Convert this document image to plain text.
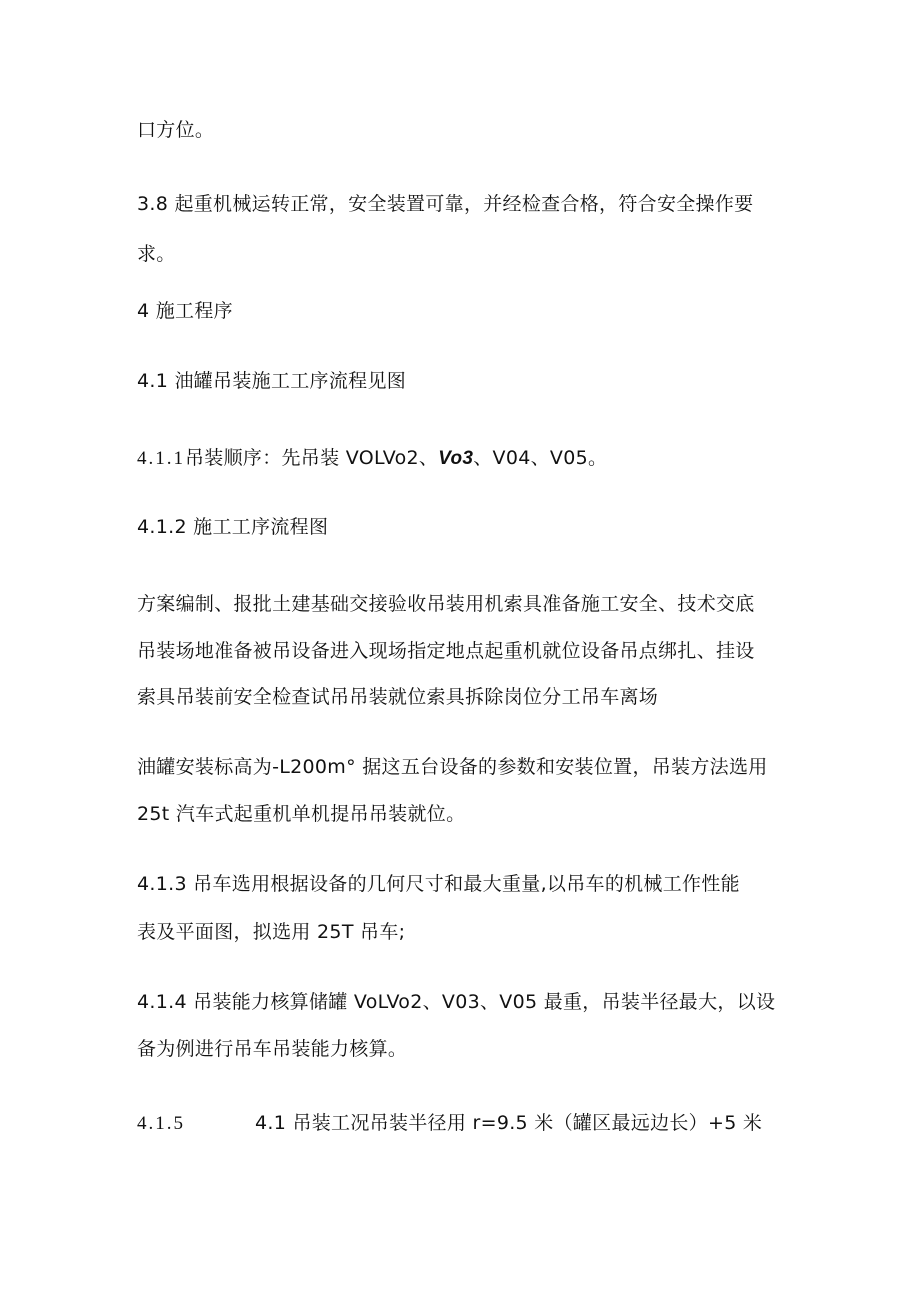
口方位。
3.8 起重机械运转正常，安全装置可靠，并经检查合格，符合安全操作要
求。
4 施工程序
4.1 油罐吊装施工工序流程见图
4.1.1吊装顺序：先吊装 VOLVo2、Vo3、V04、V05。
4.1.2 施工工序流程图
方案编制、报批土建基础交接验收吊装用机索具准备施工安全、技术交底
吊装场地准备被吊设备进入现场指定地点起重机就位设备吊点绑扎、挂设
索具吊装前安全检查试吊吊装就位索具拆除岗位分工吊车离场
油罐安装标高为-L200m° 据这五台设备的参数和安装位置，吊装方法选用
25t 汽车式起重机单机提吊吊装就位。
4.1.3 吊车选用根据设备的几何尺寸和最大重量,以吊车的机械工作性能
表及平面图，拟选用 25T 吊车;
4.1.4 吊装能力核算储罐 VoLVo2、V03、V05 最重，吊装半径最大，以设
备为例进行吊车吊装能力核算。
4.1.5	4.1 吊装工况吊装半径用 r=9.5 米（罐区最远边长）+5 米
